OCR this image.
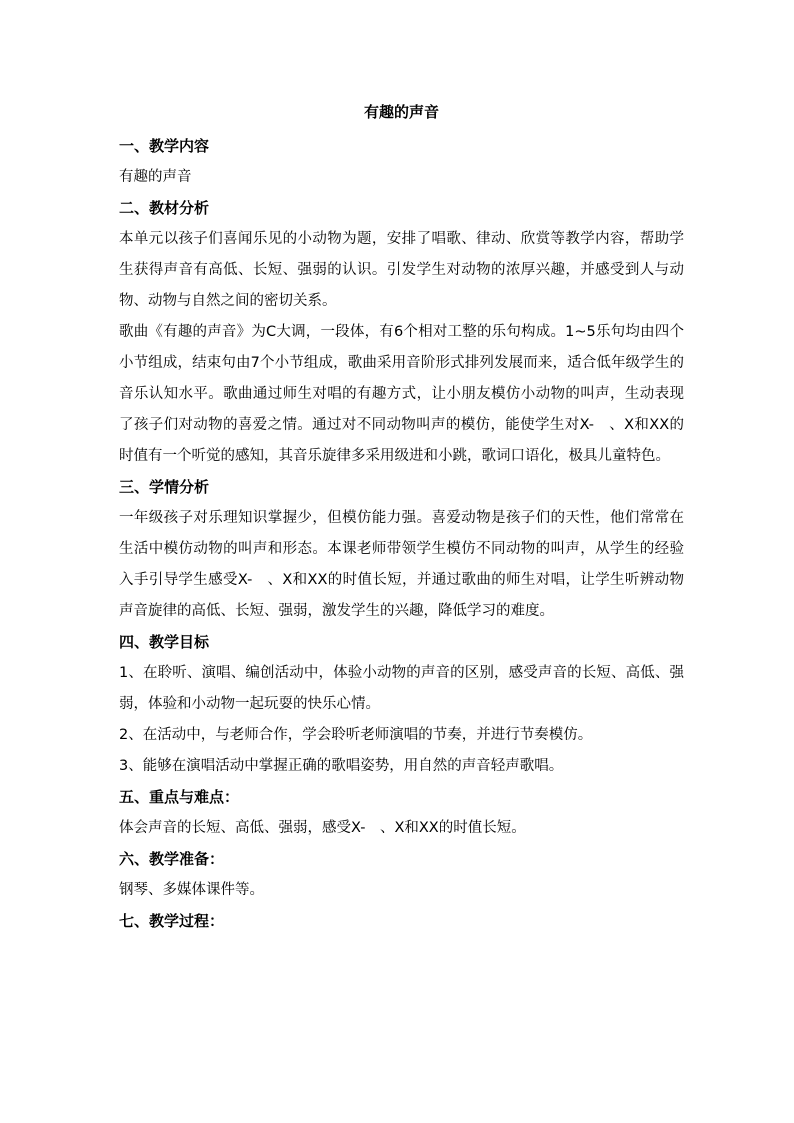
有趣的声音
一、教学内容
有趣的声音
二、教材分析
本单元以孩子们喜闻乐见的小动物为题，安排了唱歌、律动、欣赏等教学内容，帮助学生获得声音有高低、长短、强弱的认识。引发学生对动物的浓厚兴趣，并感受到人与动物、动物与自然之间的密切关系。
歌曲《有趣的声音》为C大调，一段体，有6个相对工整的乐句构成。1~5乐句均由四个小节组成，结束句由7个小节组成，歌曲采用音阶形式排列发展而来，适合低年级学生的音乐认知水平。歌曲通过师生对唱的有趣方式，让小朋友模仿小动物的叫声，生动表现了孩子们对动物的喜爱之情。通过对不同动物叫声的模仿，能使学生对X-　、X和XX的时值有一个听觉的感知，其音乐旋律多采用级进和小跳，歌词口语化，极具儿童特色。
三、学情分析
一年级孩子对乐理知识掌握少，但模仿能力强。喜爱动物是孩子们的天性，他们常常在生活中模仿动物的叫声和形态。本课老师带领学生模仿不同动物的叫声，从学生的经验入手引导学生感受X-　、X和XX的时值长短，并通过歌曲的师生对唱，让学生听辨动物声音旋律的高低、长短、强弱，激发学生的兴趣，降低学习的难度。
四、教学目标
1、在聆听、演唱、编创活动中，体验小动物的声音的区别，感受声音的长短、高低、强弱，体验和小动物一起玩耍的快乐心情。
2、在活动中，与老师合作，学会聆听老师演唱的节奏，并进行节奏模仿。
3、能够在演唱活动中掌握正确的歌唱姿势，用自然的声音轻声歌唱。
五、重点与难点：
体会声音的长短、高低、强弱，感受X-　、X和XX的时值长短。
六、教学准备：
钢琴、多媒体课件等。
七、教学过程：
